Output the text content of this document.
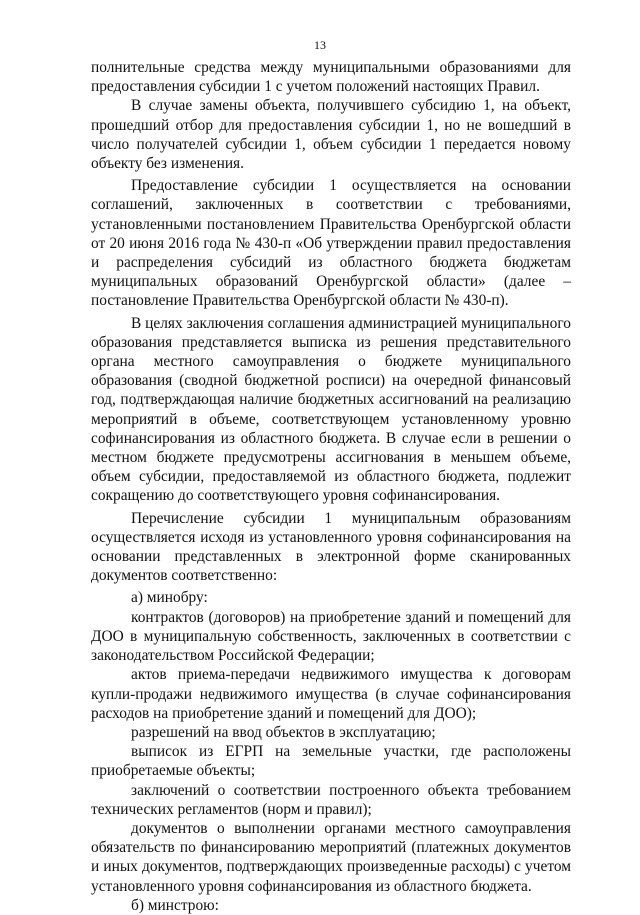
13

полнительные средства между муниципальными образованиями для предоставления субсидии 1 с учетом положений настоящих Правил.

В случае замены объекта, получившего субсидию 1, на объект, прошедший отбор для предоставления субсидии 1, но не вошедший в число получателей субсидии 1, объем субсидии 1 передается новому объекту без изменения.

Предоставление субсидии 1 осуществляется на основании соглашений, заключенных в соответствии с требованиями, установленными постановлением Правительства Оренбургской области от 20 июня 2016 года № 430-п «Об утверждении правил предоставления и распределения субсидий из областного бюджета бюджетам муниципальных образований Оренбургской области» (далее – постановление Правительства Оренбургской области № 430-п).

В целях заключения соглашения администрацией муниципального образования представляется выписка из решения представительного органа местного самоуправления о бюджете муниципального образования (сводной бюджетной росписи) на очередной финансовый год, подтверждающая наличие бюджетных ассигнований на реализацию мероприятий в объеме, соответствующем установленному уровню софинансирования из областного бюджета. В случае если в решении о местном бюджете предусмотрены ассигнования в меньшем объеме, объем субсидии, предоставляемой из областного бюджета, подлежит сокращению до соответствующего уровня софинансирования.

Перечисление субсидии 1 муниципальным образованиям осуществляется исходя из установленного уровня софинансирования на основании представленных в электронной форме сканированных документов соответственно:

а) минобру:

контрактов (договоров) на приобретение зданий и помещений для ДОО в муниципальную собственность, заключенных в соответствии с законодательством Российской Федерации;

актов приема-передачи недвижимого имущества к договорам купли-продажи недвижимого имущества (в случае софинансирования расходов на приобретение зданий и помещений для ДОО);

разрешений на ввод объектов в эксплуатацию;

выписок из ЕГРП на земельные участки, где расположены приобретаемые объекты;

заключений о соответствии построенного объекта требованием технических регламентов (норм и правил);

документов о выполнении органами местного самоуправления обязательств по финансированию мероприятий (платежных документов и иных документов, подтверждающих произведенные расходы) с учетом установленного уровня софинансирования из областного бюджета.

б) минстрою:
